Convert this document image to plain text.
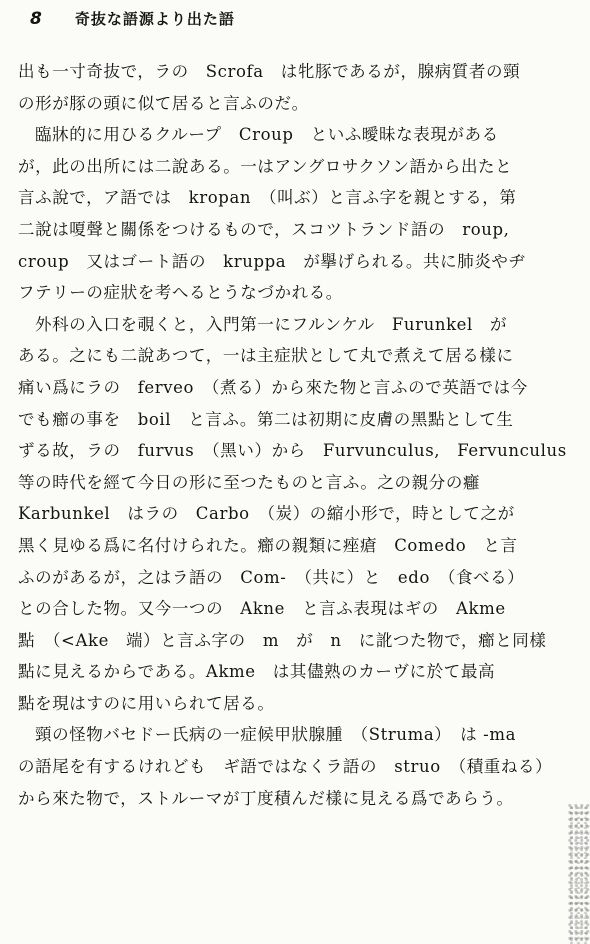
8 奇抜な語源より出た語
出も一寸奇抜で，ラの　Scrofa　は牝豚であるが，腺病質者の頸
の形が豚の頭に似て居ると言ふのだ。
臨牀的に用ひるクループ　Croup　といふ曖昧な表現がある
が，此の出所には二說ある。一はアングロサクソン語から出たと
言ふ說で，ア語では　kropan　（叫ぶ）と言ふ字を親とする，第
二說は嗄聲と關係をつけるもので，スコツトランド語の　roup,
croup　又はゴート語の　kruppa　が擧げられる。共に肺炎やヂ
フテリーの症狀を考へるとうなづかれる。
外科の入口を覗くと，入門第一にフルンケル　Furunkel　が
ある。之にも二說あつて，一は主症狀として丸で煮えて居る樣に
痛い爲にラの　ferveo　（煮る）から來た物と言ふので英語では今
でも癤の事を　boil　と言ふ。第二は初期に皮膚の黑點として生
ずる故，ラの　furvus　（黑い）から　Furvunculus,　Fervunculus
等の時代を經て今日の形に至つたものと言ふ。之の親分の癰
Karbunkel　はラの　Carbo　（炭）の縮小形で，時として之が
黑く見ゆる爲に名付けられた。癤の親類に痤瘡　Comedo　と言
ふのがあるが，之はラ語の　Com-　（共に）と　edo　（食べる）
との合した物。又今一つの　Akne　と言ふ表現はギの　Akme
點　（<Ake　端）と言ふ字の　m　が　n　に訛つた物で，癤と同樣
點に見えるからである。Akme　は其儘熟のカーヴに於て最高
點を現はすのに用いられて居る。
頸の怪物バセドー氏病の一症候甲狀腺腫　（Struma）　は -ma
の語尾を有するけれども　ギ語ではなくラ語の　struo　（積重ねる）
から來た物で，ストルーマが丁度積んだ樣に見える爲であらう。
